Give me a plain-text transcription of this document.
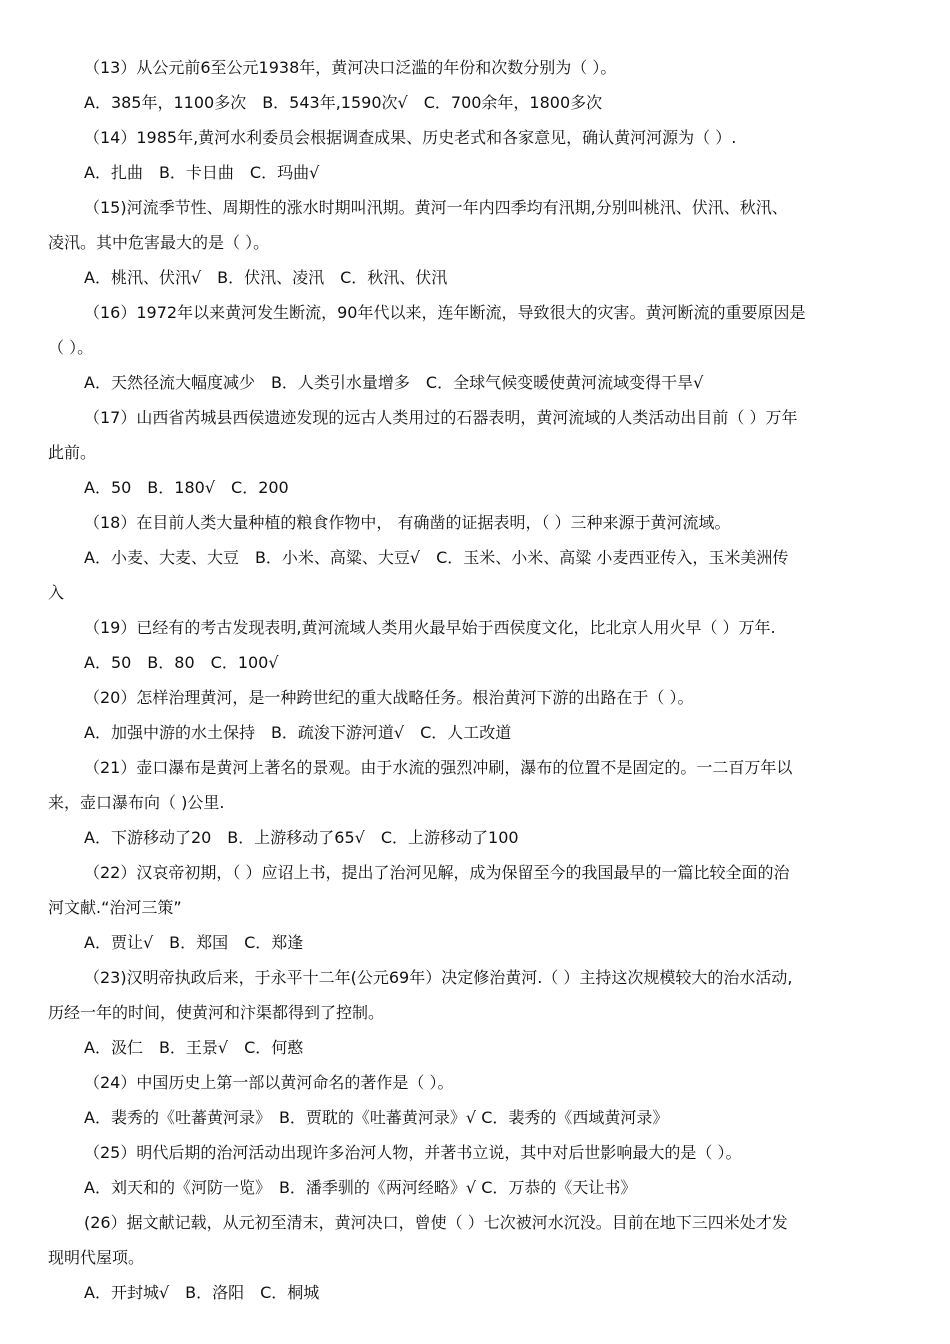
（13）从公元前6至公元1938年，黄河决口泛滥的年份和次数分别为（ ）。
A．385年，1100多次　B．543年,1590次√　C．700余年，1800多次
（14）1985年,黄河水利委员会根据调查成果、历史老式和各家意见，确认黄河河源为（ ）.
A．扎曲　B．卡日曲　C．玛曲√
（15)河流季节性、周期性的涨水时期叫汛期。黄河一年内四季均有汛期,分别叫桃汛、伏汛、秋汛、
凌汛。其中危害最大的是（ ）。
A．桃汛、伏汛√　B．伏汛、凌汛　C．秋汛、伏汛
（16）1972年以来黄河发生断流，90年代以来，连年断流，导致很大的灾害。黄河断流的重要原因是
（ ）。
A．天然径流大幅度减少　B．人类引水量增多　C．全球气候变暖使黄河流域变得干旱√
（17）山西省芮城县西侯遗迹发现的远古人类用过的石器表明，黄河流域的人类活动出目前（ ）万年
此前。
A．50　B．180√　C．200
（18）在目前人类大量种植的粮食作物中， 有确凿的证据表明，（ ）三种来源于黄河流域。
A．小麦、大麦、大豆　B．小米、高粱、大豆√　C．玉米、小米、高粱 小麦西亚传入，玉米美洲传
入
（19）已经有的考古发现表明,黄河流域人类用火最早始于西侯度文化，比北京人用火早（ ）万年.
A．50　B．80　C．100√
（20）怎样治理黄河，是一种跨世纪的重大战略任务。根治黄河下游的出路在于（ ）。
A．加强中游的水土保持　B．疏浚下游河道√　C．人工改道
（21）壶口瀑布是黄河上著名的景观。由于水流的强烈冲刷，瀑布的位置不是固定的。一二百万年以
来，壶口瀑布向（ )公里.
A．下游移动了20　B．上游移动了65√　C．上游移动了100
（22）汉哀帝初期，（ ）应诏上书，提出了治河见解，成为保留至今的我国最早的一篇比较全面的治
河文献.“治河三策”
A．贾让√　B．郑国　C．郑逢
（23)汉明帝执政后来，于永平十二年(公元69年）决定修治黄河.（ ）主持这次规模较大的治水活动,
历经一年的时间，使黄河和汴渠都得到了控制。
A．汲仁　B．王景√　C．何憨
（24）中国历史上第一部以黄河命名的著作是（ ）。
A．裴秀的《吐蕃黄河录》　B．贾耽的《吐蕃黄河录》√ C．裴秀的《西域黄河录》
（25）明代后期的治河活动出现许多治河人物，并著书立说，其中对后世影响最大的是（ ）。
A．刘天和的《河防一览》　B．潘季驯的《两河经略》√ C．万恭的《天让书》
(26）据文献记载，从元初至清末，黄河决口，曾使（ ）七次被河水沉没。目前在地下三四米处才发
现明代屋项。
A．开封城√　B．洛阳　C．桐城
